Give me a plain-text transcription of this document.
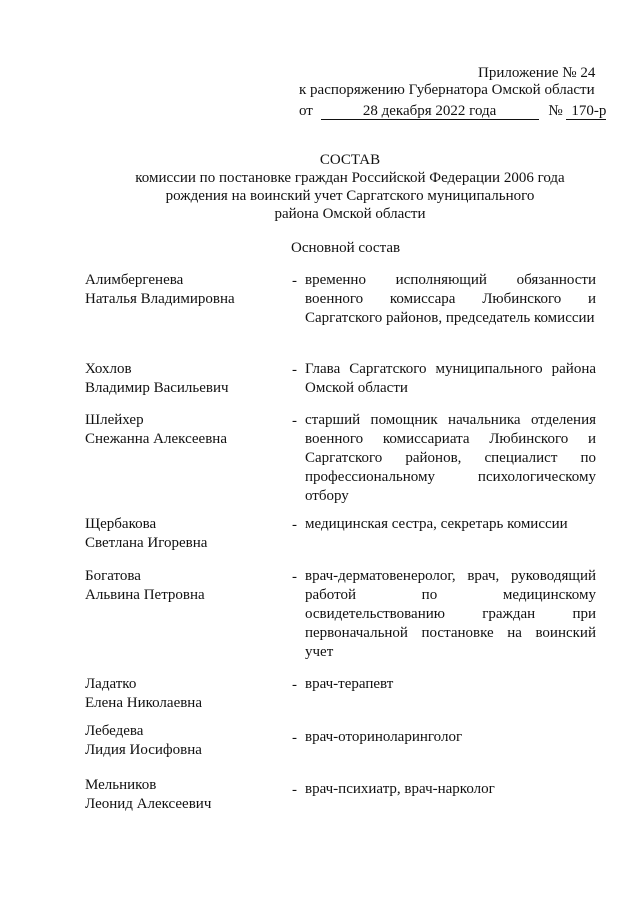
Приложение № 24
к распоряжению Губернатора Омской области
от	28 декабря 2022 года	№ 170-р
СОСТАВ
комиссии по постановке граждан Российской Федерации 2006 года
рождения на воинский учет Саргатского муниципального
района Омской области
Основной состав
Алимбергенева
Наталья Владимировна
- временно исполняющий обязанности военного комиссара Любинского и Саргатского районов, председатель комиссии
Хохлов
Владимир Васильевич
- Глава Саргатского муниципального района Омской области
Шлейхер
Снежанна Алексеевна
- старший помощник начальника отделения военного комиссариата Любинского и Саргатского районов, специалист по профессиональному психологическому отбору
Щербакова
Светлана Игоревна
- медицинская сестра, секретарь комиссии
Богатова
Альвина Петровна
- врач-дерматовенеролог, врач, руководящий работой по медицинскому освидетельствованию граждан при первоначальной постановке на воинский учет
Ладатко
Елена Николаевна
- врач-терапевт
Лебедева
Лидия Иосифовна
- врач-оториноларинголог
Мельников
Леонид Алексеевич
- врач-психиатр, врач-нарколог
